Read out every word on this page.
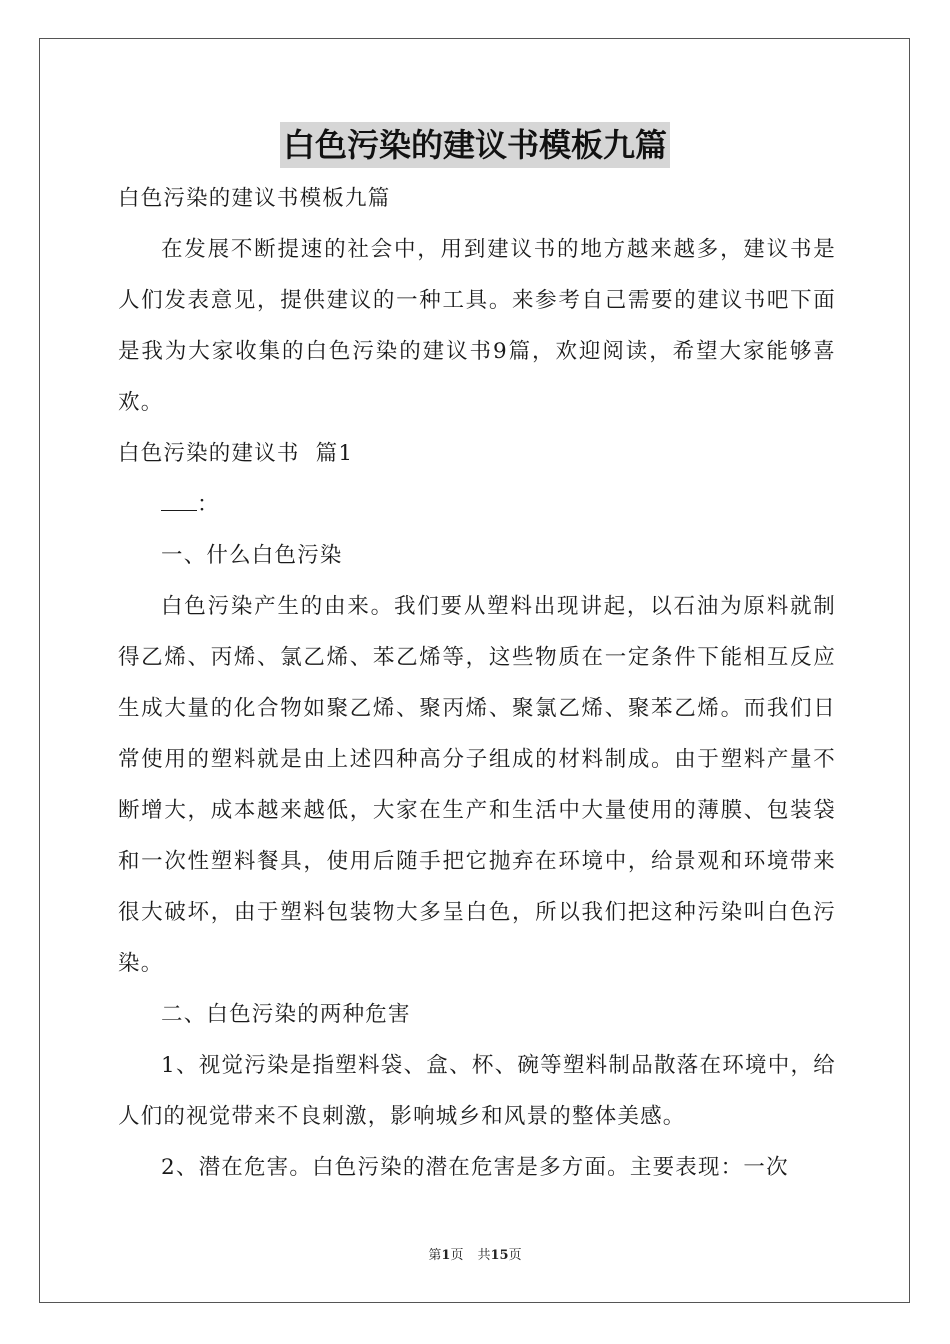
白色污染的建议书模板九篇

白色污染的建议书模板九篇

在发展不断提速的社会中，用到建议书的地方越来越多，建议书是人们发表意见，提供建议的一种工具。来参考自己需要的建议书吧下面是我为大家收集的白色污染的建议书9篇，欢迎阅读，希望大家能够喜欢。

白色污染的建议书  篇1

：

一、什么白色污染

白色污染产生的由来。我们要从塑料出现讲起，以石油为原料就制得乙烯、丙烯、氯乙烯、苯乙烯等，这些物质在一定条件下能相互反应生成大量的化合物如聚乙烯、聚丙烯、聚氯乙烯、聚苯乙烯。而我们日常使用的塑料就是由上述四种高分子组成的材料制成。由于塑料产量不断增大，成本越来越低，大家在生产和生活中大量使用的薄膜、包装袋和一次性塑料餐具，使用后随手把它抛弃在环境中，给景观和环境带来很大破坏，由于塑料包装物大多呈白色，所以我们把这种污染叫白色污染。

二、白色污染的两种危害

1、视觉污染是指塑料袋、盒、杯、碗等塑料制品散落在环境中，给人们的视觉带来不良刺激，影响城乡和风景的整体美感。

2、潜在危害。白色污染的潜在危害是多方面。主要表现：一次

第1页 共15页
